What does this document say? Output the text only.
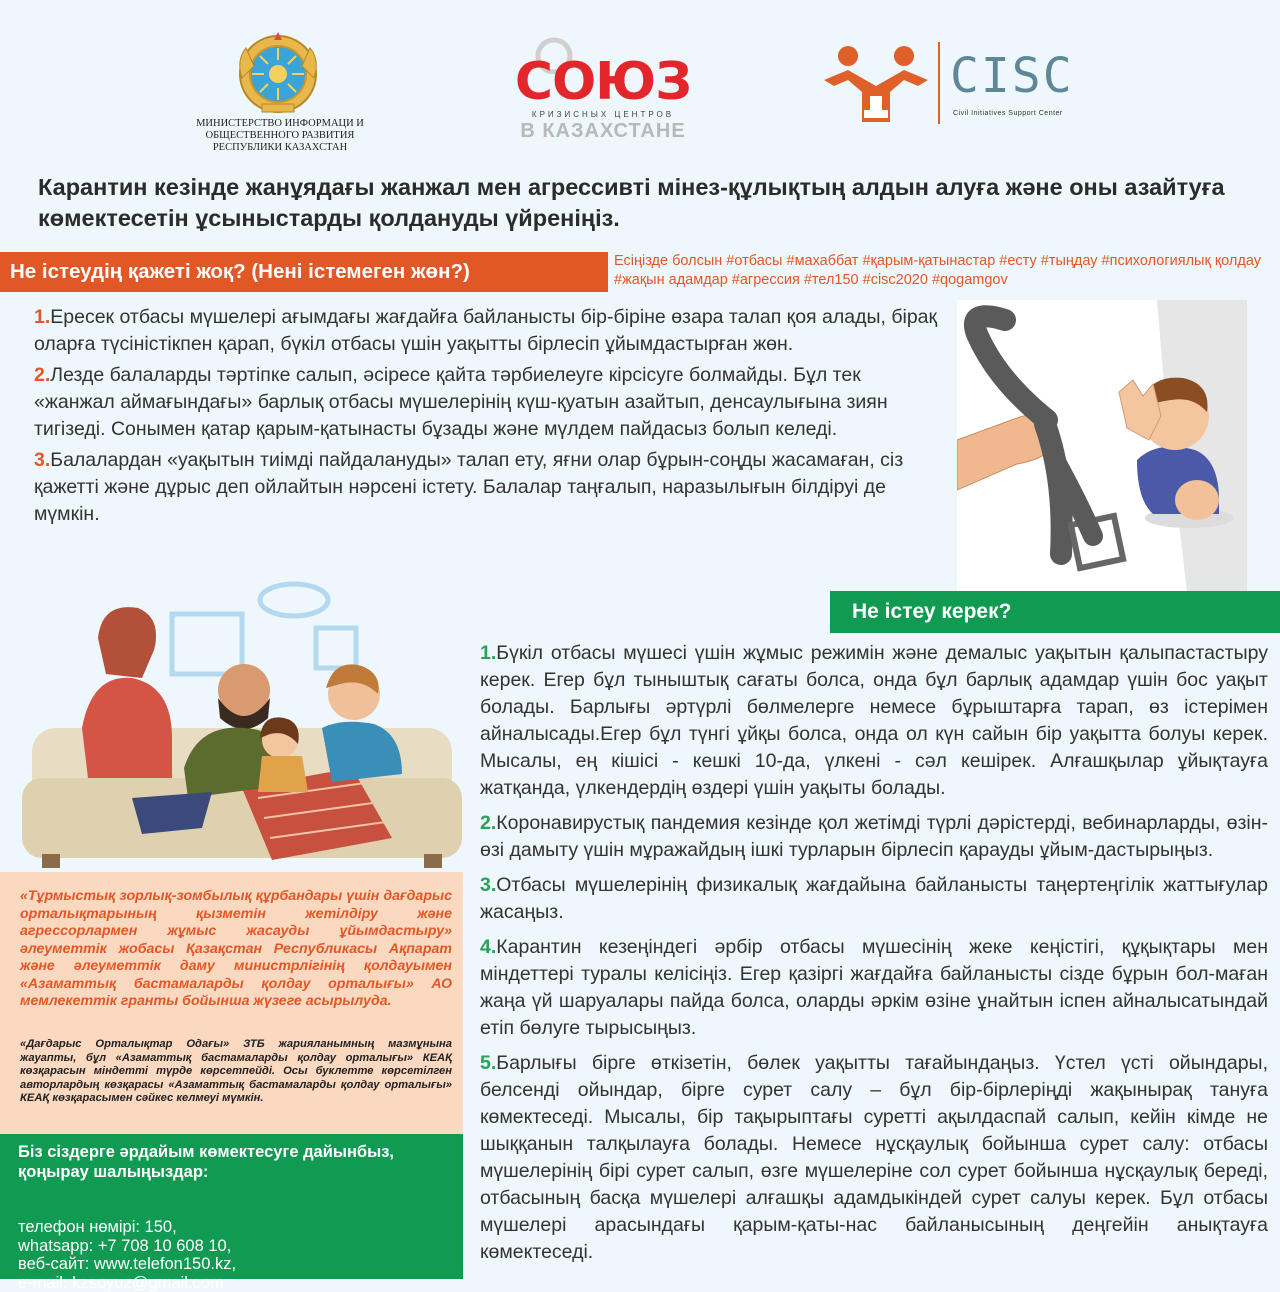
МИНИСТЕРСТВО ИНФОРМАЦИ И
ОБЩЕСТВЕННОГО РАЗВИТИЯ
РЕСПУБЛИКИ КАЗАХСТАН
СОЮЗ
КРИЗИСНЫХ ЦЕНТРОВ
В КАЗАХСТАНЕ
CISC
Civil Initiatives Support Center
Карантин кезінде жанұядағы жанжал мен агрессивті мінез-құлықтың алдын алуға және оны азайтуға көмектесетін ұсыныстарды қолдануды үйреніңіз.
Не істеудің қажеті жоқ? (Нені істемеген жөн?)	Есіңізде болсын #отбасы #махаббат #қарым-қатынастар #есту #тыңдау #психологиялық қолдау #жақын адамдар #агрессия #тел150 #cisc2020 #qogamgov

1.Ересек отбасы мүшелері ағымдағы жағдайға байланысты бір-біріне өзара талап қоя алады, бірақ оларға түсіністікпен қарап, бүкіл отбасы үшін уақытты бірлесіп ұйымдастырған жөн.

2.Лезде балаларды тәртіпке салып, әсіресе қайта тәрбиелеуге кірсісуге болмайды. Бұл тек «жанжал аймағындағы» барлық отбасы мүшелерінің күш-қуатын азайтып, денсаулығына зиян тигізеді. Сонымен қатар қарым-қатынасты бұзады және мүлдем пайдасыз болып келеді.

3.Балалардан «уақытын тиімді пайдалануды» талап ету, яғни олар бұрын-соңды жасамаған, сіз қажетті және дұрыс деп ойлайтын нәрсені істету. Балалар таңғалып, наразылығын білдіруі де мүмкін.

Не істеу керек?

1.Бүкіл отбасы мүшесі үшін жұмыс режимін және демалыс уақытын қалыпастастыру керек. Егер бұл тыныштық сағаты болса, онда бұл барлық адамдар үшін бос уақыт болады. Барлығы әртүрлі бөлмелерге немесе бұрыштарға тарап, өз істерімен айналысады.Егер бұл түнгі ұйқы болса, онда ол күн сайын бір уақытта болуы керек. Мысалы, ең кішісі - кешкі 10-да, үлкені - сәл кешірек. Алғашқылар ұйықтауға жатқанда, үлкендердің өздері үшін уақыты болады.

2.Коронавирустық пандемия кезінде қол жетімді түрлі дәрістерді, вебинарларды, өзін-өзі дамыту үшін мұражайдың ішкі турларын бірлесіп қарауды ұйым-дастырыңыз.

3.Отбасы мүшелерінің физикалық жағдайына байланысты таңертеңгілік жаттығулар жасаңыз.

4.Карантин кезеңіндегі әрбір отбасы мүшесінің жеке кеңістігі, құқықтары мен міндеттері туралы келісіңіз. Егер қазіргі жағдайға байланысты сізде бұрын бол-маған жаңа үй шаруалары пайда болса, оларды әркім өзіне ұнайтын іспен айналысатындай етіп бөлуге тырысыңыз.

5.Барлығы бірге өткізетін, бөлек уақытты тағайындаңыз. Үстел үсті ойындары, белсенді ойындар, бірге сурет салу – бұл бір-бірлеріңді жақынырақ тануға көмектеседі. Мысалы, бір тақырыптағы суретті ақылдаспай салып, кейін кімде не шыққанын талқылауға болады. Немесе нұсқаулық бойынша сурет салу: отбасы мүшелерінің бірі сурет салып, өзге мүшелеріне сол сурет бойынша нұсқаулық береді, отбасының басқа мүшелері алғашқы адамдыкіндей сурет салуы керек. Бұл отбасы мүшелері арасындағы қарым-қаты-нас байланысының деңгейін анықтауға көмектеседі.

«Тұрмыстық зорлық-зомбылық құрбандары үшін дағдарыс орталықтарының қызметін жетілдіру және агрессорлармен жұмыс жасауды ұйымдастыру» әлеуметтік жобасы Қазақстан Республикасы Ақпарат және әлеуметтік даму министрлігінің қолдауымен «Азаматтық бастамаларды қолдау орталығы» АО мемлекеттік гранты бойынша жүзеге асырылуда.
«Дағдарыс Орталықтар Одағы» ЗТБ жарияланымның мазмұнына жауапты, бұл «Азаматтық бастамаларды қолдау орталығы» КЕАҚ көзқарасын міндетті түрде көрсетпейді. Осы буклетте көрсетілген авторлардың көзқарасы «Азаматтық бастамаларды қолдау орталығы» КЕАҚ көзқарасымен сәйкес келмеуі мүмкін.
Біз сіздерге әрдайым көмектесуге дайынбыз, қоңырау шалыңыздар:
телефон нөмірі: 150,
whatsapp: +7 708 10 608 10,
веб-сайт: www.telefon150.kz,
e-mail: kzsoyuz@gmail.com
